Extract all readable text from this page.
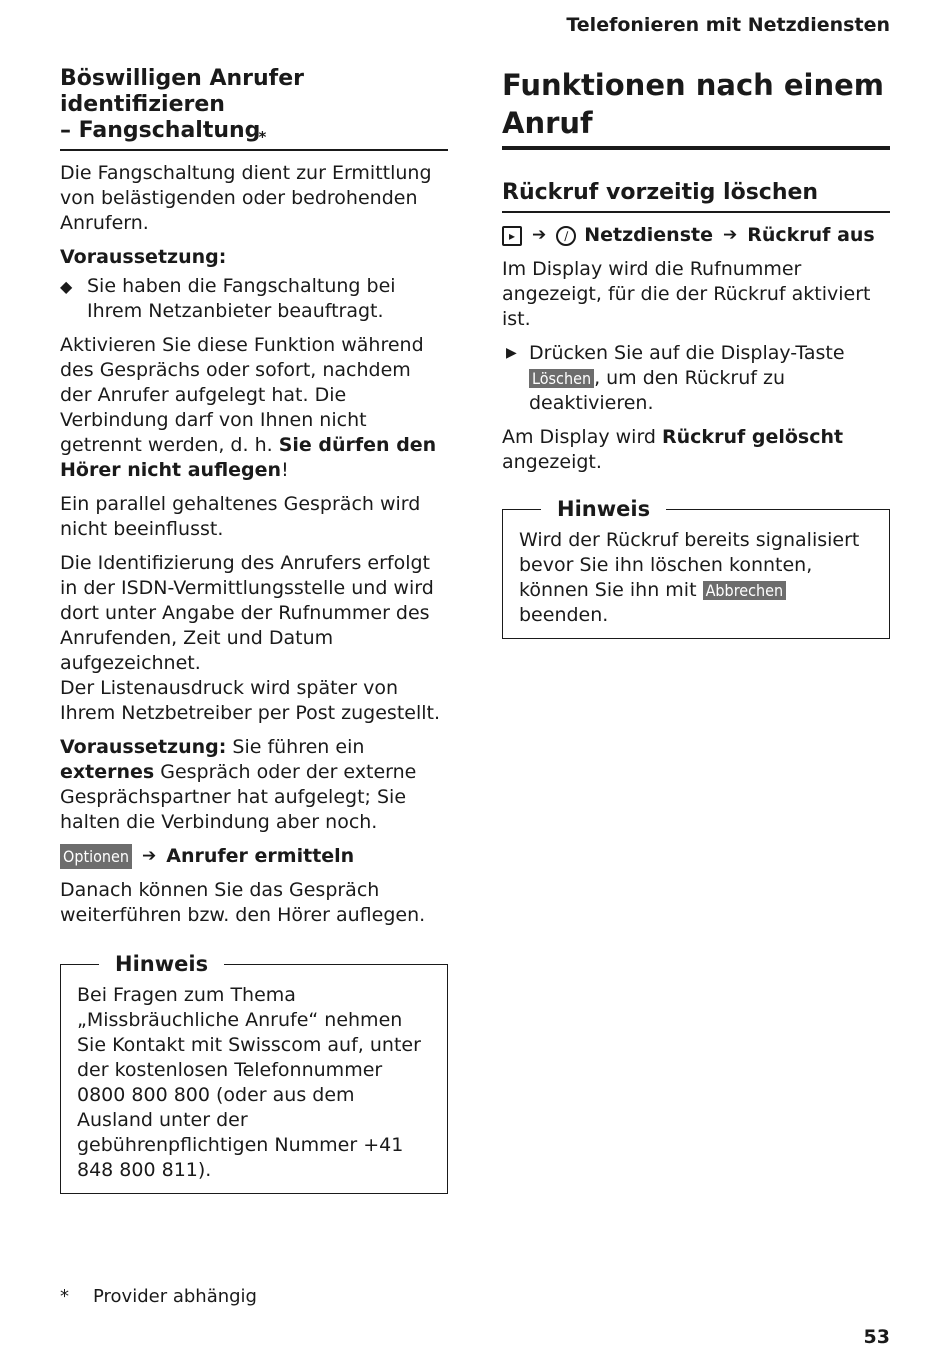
Telefonieren mit Netzdiensten
Böswilligen Anrufer identifizieren
– Fangschaltung*

Die Fangschaltung dient zur Ermittlung von belästigenden oder bedrohenden Anrufern.

Voraussetzung:

◆ Sie haben die Fangschaltung bei Ihrem Netzanbieter beauftragt.

Aktivieren Sie diese Funktion während des Gesprächs oder sofort, nachdem der Anrufer aufgelegt hat. Die Verbindung darf von Ihnen nicht getrennt werden, d. h. Sie dürfen den Hörer nicht auflegen!

Ein parallel gehaltenes Gespräch wird nicht beeinflusst.

Die Identifizierung des Anrufers erfolgt in der ISDN-Vermittlungsstelle und wird dort unter Angabe der Rufnummer des Anrufenden, Zeit und Datum aufgezeichnet.

Der Listenausdruck wird später von Ihrem Netzbetreiber per Post zugestellt.

Voraussetzung: Sie führen ein externes Gespräch oder der externe Gesprächspartner hat aufgelegt; Sie halten die Verbindung aber noch.

Optionen ➔ Anrufer ermitteln

Danach können Sie das Gespräch weiterführen bzw. den Hörer auflegen.

Hinweis
Bei Fragen zum Thema „Missbräuchliche Anrufe“ nehmen Sie Kontakt mit Swisscom auf, unter der kostenlosen Telefonnummer 0800 800 800 (oder aus dem Ausland unter der gebührenpflichtigen Nummer +41 848 800 811).
Funktionen nach einem Anruf
Rückruf vorzeitig löschen
▸ ➔	∕ Netzdienste ➔ Rückruf aus

Im Display wird die Rufnummer angezeigt, für die der Rückruf aktiviert ist.

▶ Drücken Sie auf die Display-Taste
Löschen , um den Rückruf zu deaktivieren.

Am Display wird Rückruf gelöscht angezeigt.

Hinweis
Wird der Rückruf bereits signalisiert bevor Sie ihn löschen konnten, können Sie ihn mit Abbrechen beenden.
* Provider abhängig
53
